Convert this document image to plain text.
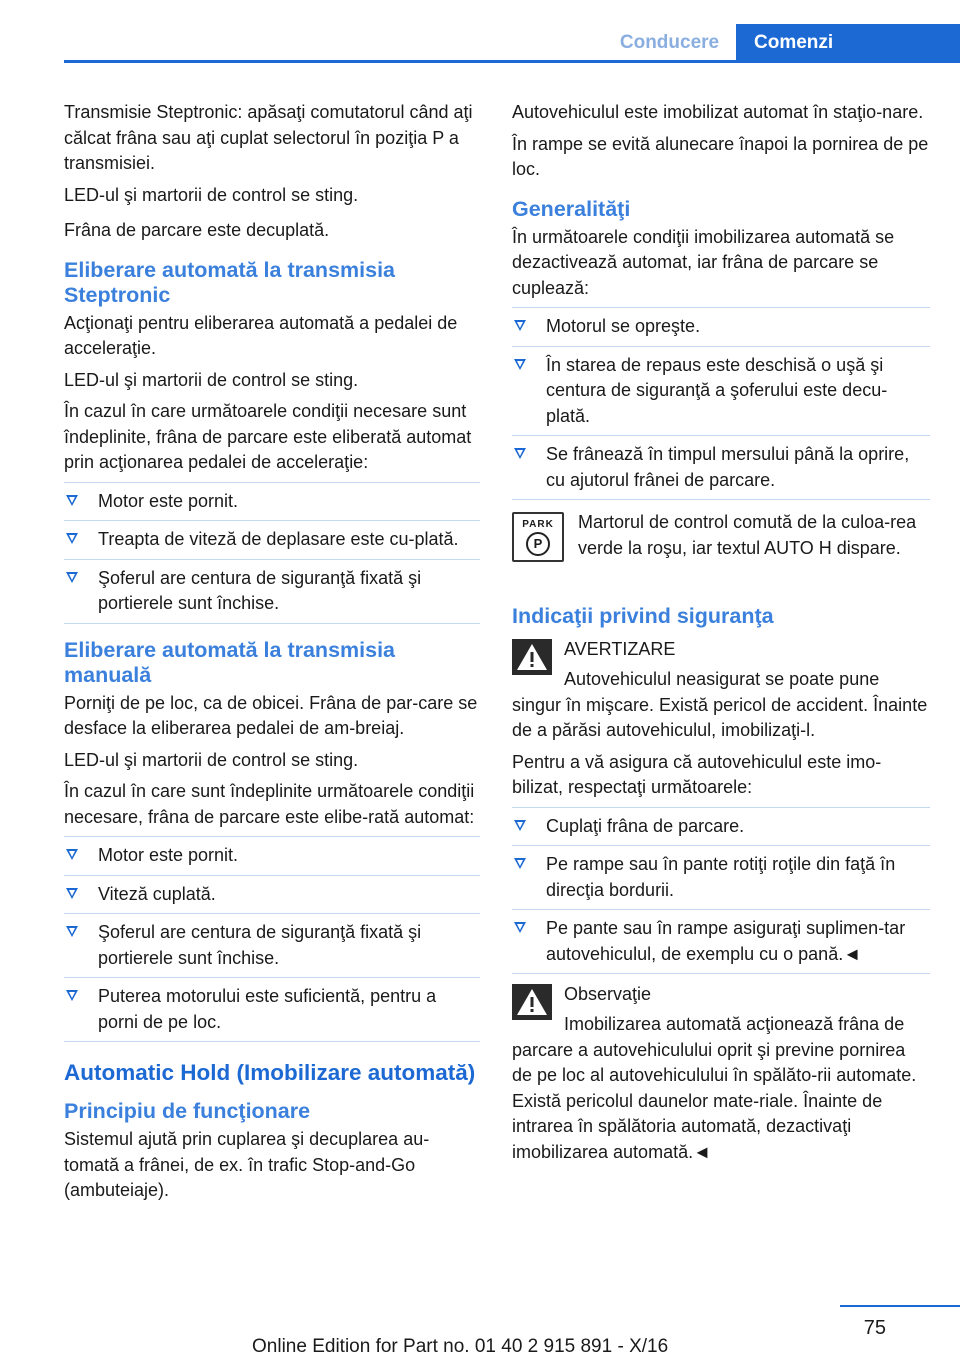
Conducere	Comenzi

Transmisie Steptronic: apăsaţi comutatorul când aţi călcat frâna sau aţi cuplat selectorul în poziţia P a transmisiei.

LED-ul şi martorii de control se sting.

Frâna de parcare este decuplată.

Eliberare automată la transmisia Steptronic

Acţionaţi pentru eliberarea automată a pedalei de acceleraţie.

LED-ul şi martorii de control se sting.

În cazul în care următoarele condiţii necesare sunt îndeplinite, frâna de parcare este eliberată automat prin acţionarea pedalei de acceleraţie:

Motor este pornit.
Treapta de viteză de deplasare este cu-plată.
Şoferul are centura de siguranţă fixată şi portierele sunt închise.
Eliberare automată la transmisia manuală

Porniţi de pe loc, ca de obicei. Frâna de par-care se desface la eliberarea pedalei de am-breiaj.

LED-ul şi martorii de control se sting.

În cazul în care sunt îndeplinite următoarele condiţii necesare, frâna de parcare este elibe-rată automat:

Motor este pornit.
Viteză cuplată.
Şoferul are centura de siguranţă fixată şi portierele sunt închise.
Puterea motorului este suficientă, pentru a porni de pe loc.
Automatic Hold (Imobilizare automată)
Principiu de funcţionare

Sistemul ajută prin cuplarea şi decuplarea au-tomată a frânei, de ex. în trafic Stop-and-Go (ambuteiaje).

Autovehiculul este imobilizat automat în staţio-nare.

În rampe se evită alunecare înapoi la pornirea de pe loc.

Generalităţi

În următoarele condiţii imobilizarea automată se dezactivează automat, iar frâna de parcare se cuplează:

Motorul se opreşte.
În starea de repaus este deschisă o uşă şi centura de siguranţă a şoferului este decu-plată.
Se frânează în timpul mersului până la oprire, cu ajutorul frânei de parcare.
PARK
P

Martorul de control comută de la culoa-rea verde la roşu, iar textul AUTO H dispare.

Indicaţii privind siguranţa

AVERTIZARE

Autovehiculul neasigurat se poate pune singur în mişcare. Există pericol de accident. Înainte de a părăsi autovehiculul, imobilizaţi-l.

Pentru a vă asigura că autovehiculul este imo-bilizat, respectaţi următoarele:

Cuplaţi frâna de parcare.
Pe rampe sau în pante rotiţi roţile din faţă în direcţia bordurii.
Pe pante sau în rampe asiguraţi suplimen-tar autovehiculul, de exemplu cu o pană.◄

Observaţie

Imobilizarea automată acţionează frâna de parcare a autovehiculului oprit şi previne pornirea de pe loc al autovehiculului în spălăto-rii automate. Există pericolul daunelor mate-riale. Înainte de intrarea în spălătoria automată, dezactivaţi imobilizarea automată.◄

75
Online Edition for Part no. 01 40 2 915 891 - X/16
